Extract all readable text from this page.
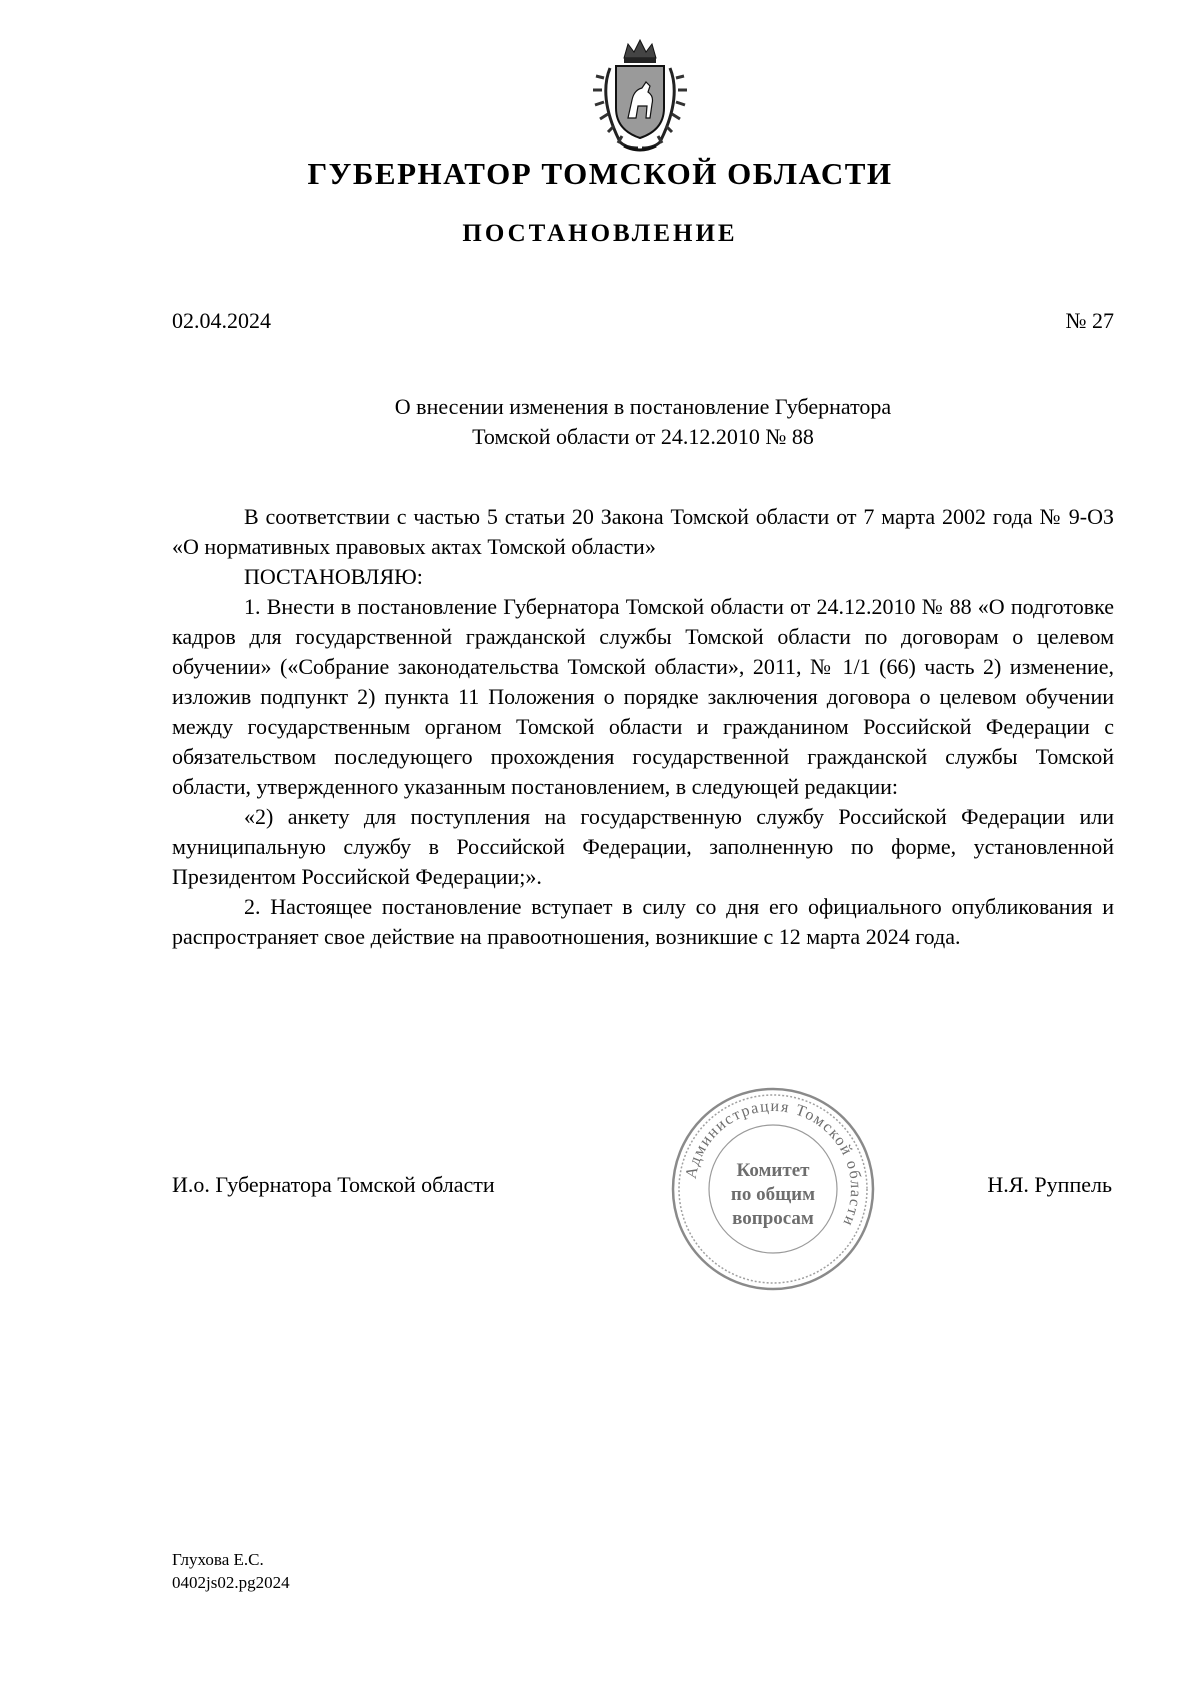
ГУБЕРНАТОР ТОМСКОЙ ОБЛАСТИ
ПОСТАНОВЛЕНИЕ
02.04.2024	№ 27
О внесении изменения в постановление Губернатора
Томской области от 24.12.2010 № 88

В соответствии с частью 5 статьи 20 Закона Томской области от 7 марта 2002 года № 9-ОЗ «О нормативных правовых актах Томской области»

ПОСТАНОВЛЯЮ:

1. Внести в постановление Губернатора Томской области от 24.12.2010 № 88 «О подготовке кадров для государственной гражданской службы Томской области по договорам о целевом обучении» («Собрание законодательства Томской области», 2011, № 1/1 (66) часть 2) изменение, изложив подпункт 2) пункта 11 Положения о порядке заключения договора о целевом обучении между государственным органом Томской области и гражданином Российской Федерации с обязательством последующего прохождения государственной гражданской службы Томской области, утвержденного указанным постановлением, в следующей редакции:

«2) анкету для поступления на государственную службу Российской Федерации или муниципальную службу в Российской Федерации, заполненную по форме, установленной Президентом Российской Федерации;».

2. Настоящее постановление вступает в силу со дня его официального опубликования и распространяет свое действие на правоотношения, возникшие с 12 марта 2024 года.

И.о. Губернатора Томской области	Н.Я. Руппель
Администрация Томской области
Комитет
по общим
вопросам
Глухова Е.С.
0402js02.pg2024
